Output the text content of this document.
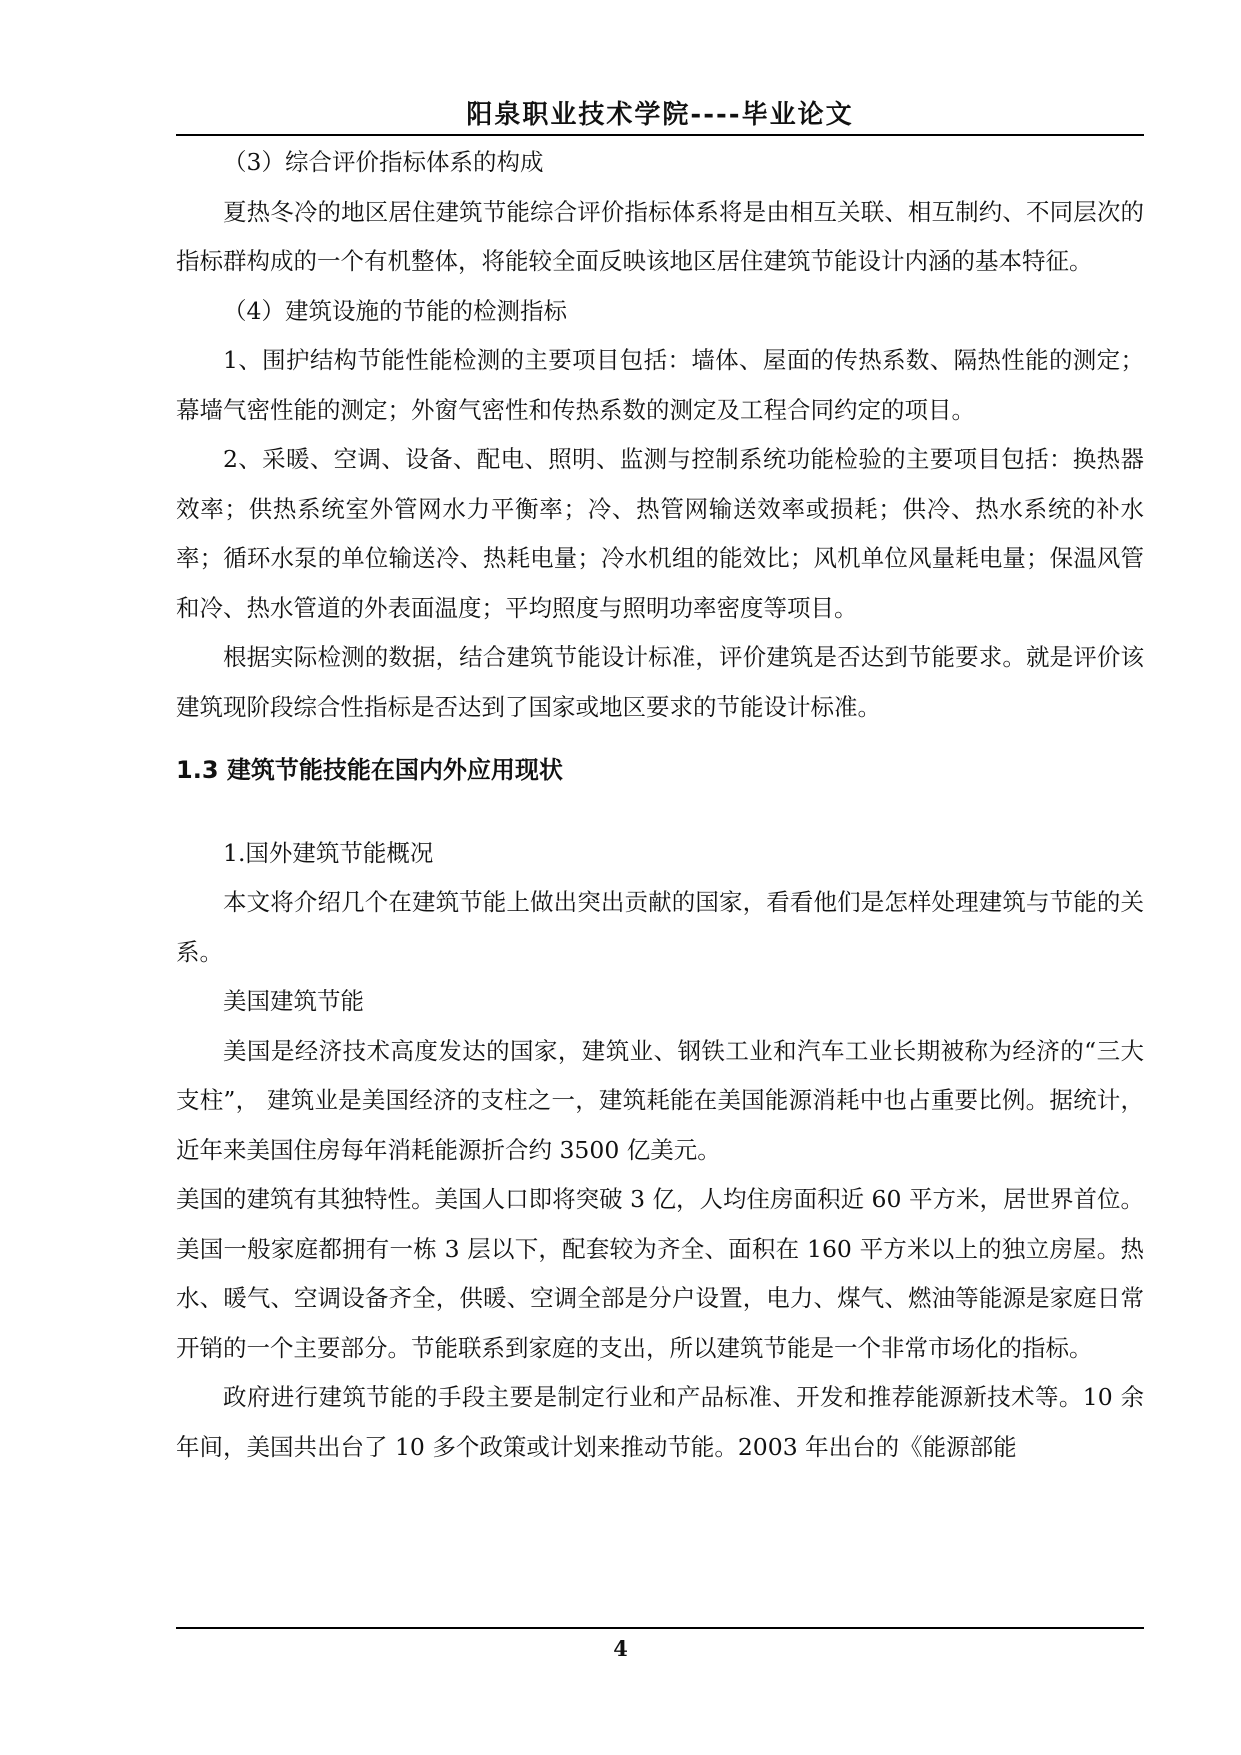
阳泉职业技术学院----毕业论文

（3）综合评价指标体系的构成

夏热冬冷的地区居住建筑节能综合评价指标体系将是由相互关联、相互制约、不同层次的指标群构成的一个有机整体，将能较全面反映该地区居住建筑节能设计内涵的基本特征。

（4）建筑设施的节能的检测指标

1、围护结构节能性能检测的主要项目包括：墙体、屋面的传热系数、隔热性能的测定；幕墙气密性能的测定；外窗气密性和传热系数的测定及工程合同约定的项目。

2、采暖、空调、设备、配电、照明、监测与控制系统功能检验的主要项目包括：换热器效率；供热系统室外管网水力平衡率；冷、热管网输送效率或损耗；供冷、热水系统的补水率；循环水泵的单位输送冷、热耗电量；冷水机组的能效比；风机单位风量耗电量；保温风管和冷、热水管道的外表面温度；平均照度与照明功率密度等项目。

根据实际检测的数据，结合建筑节能设计标准，评价建筑是否达到节能要求。就是评价该建筑现阶段综合性指标是否达到了国家或地区要求的节能设计标准。

1.3 建筑节能技能在国内外应用现状

1.国外建筑节能概况

本文将介绍几个在建筑节能上做出突出贡献的国家，看看他们是怎样处理建筑与节能的关系。

美国建筑节能

美国是经济技术高度发达的国家，建筑业、钢铁工业和汽车工业长期被称为经济的“三大支柱”， 建筑业是美国经济的支柱之一，建筑耗能在美国能源消耗中也占重要比例。据统计，近年来美国住房每年消耗能源折合约 3500 亿美元。

美国的建筑有其独特性。美国人口即将突破 3 亿，人均住房面积近 60 平方米，居世界首位。美国一般家庭都拥有一栋 3 层以下，配套较为齐全、面积在 160 平方米以上的独立房屋。热水、暖气、空调设备齐全，供暖、空调全部是分户设置，电力、煤气、燃油等能源是家庭日常开销的一个主要部分。节能联系到家庭的支出，所以建筑节能是一个非常市场化的指标。

政府进行建筑节能的手段主要是制定行业和产品标准、开发和推荐能源新技术等。10 余年间，美国共出台了 10 多个政策或计划来推动节能。2003 年出台的《能源部能

4
